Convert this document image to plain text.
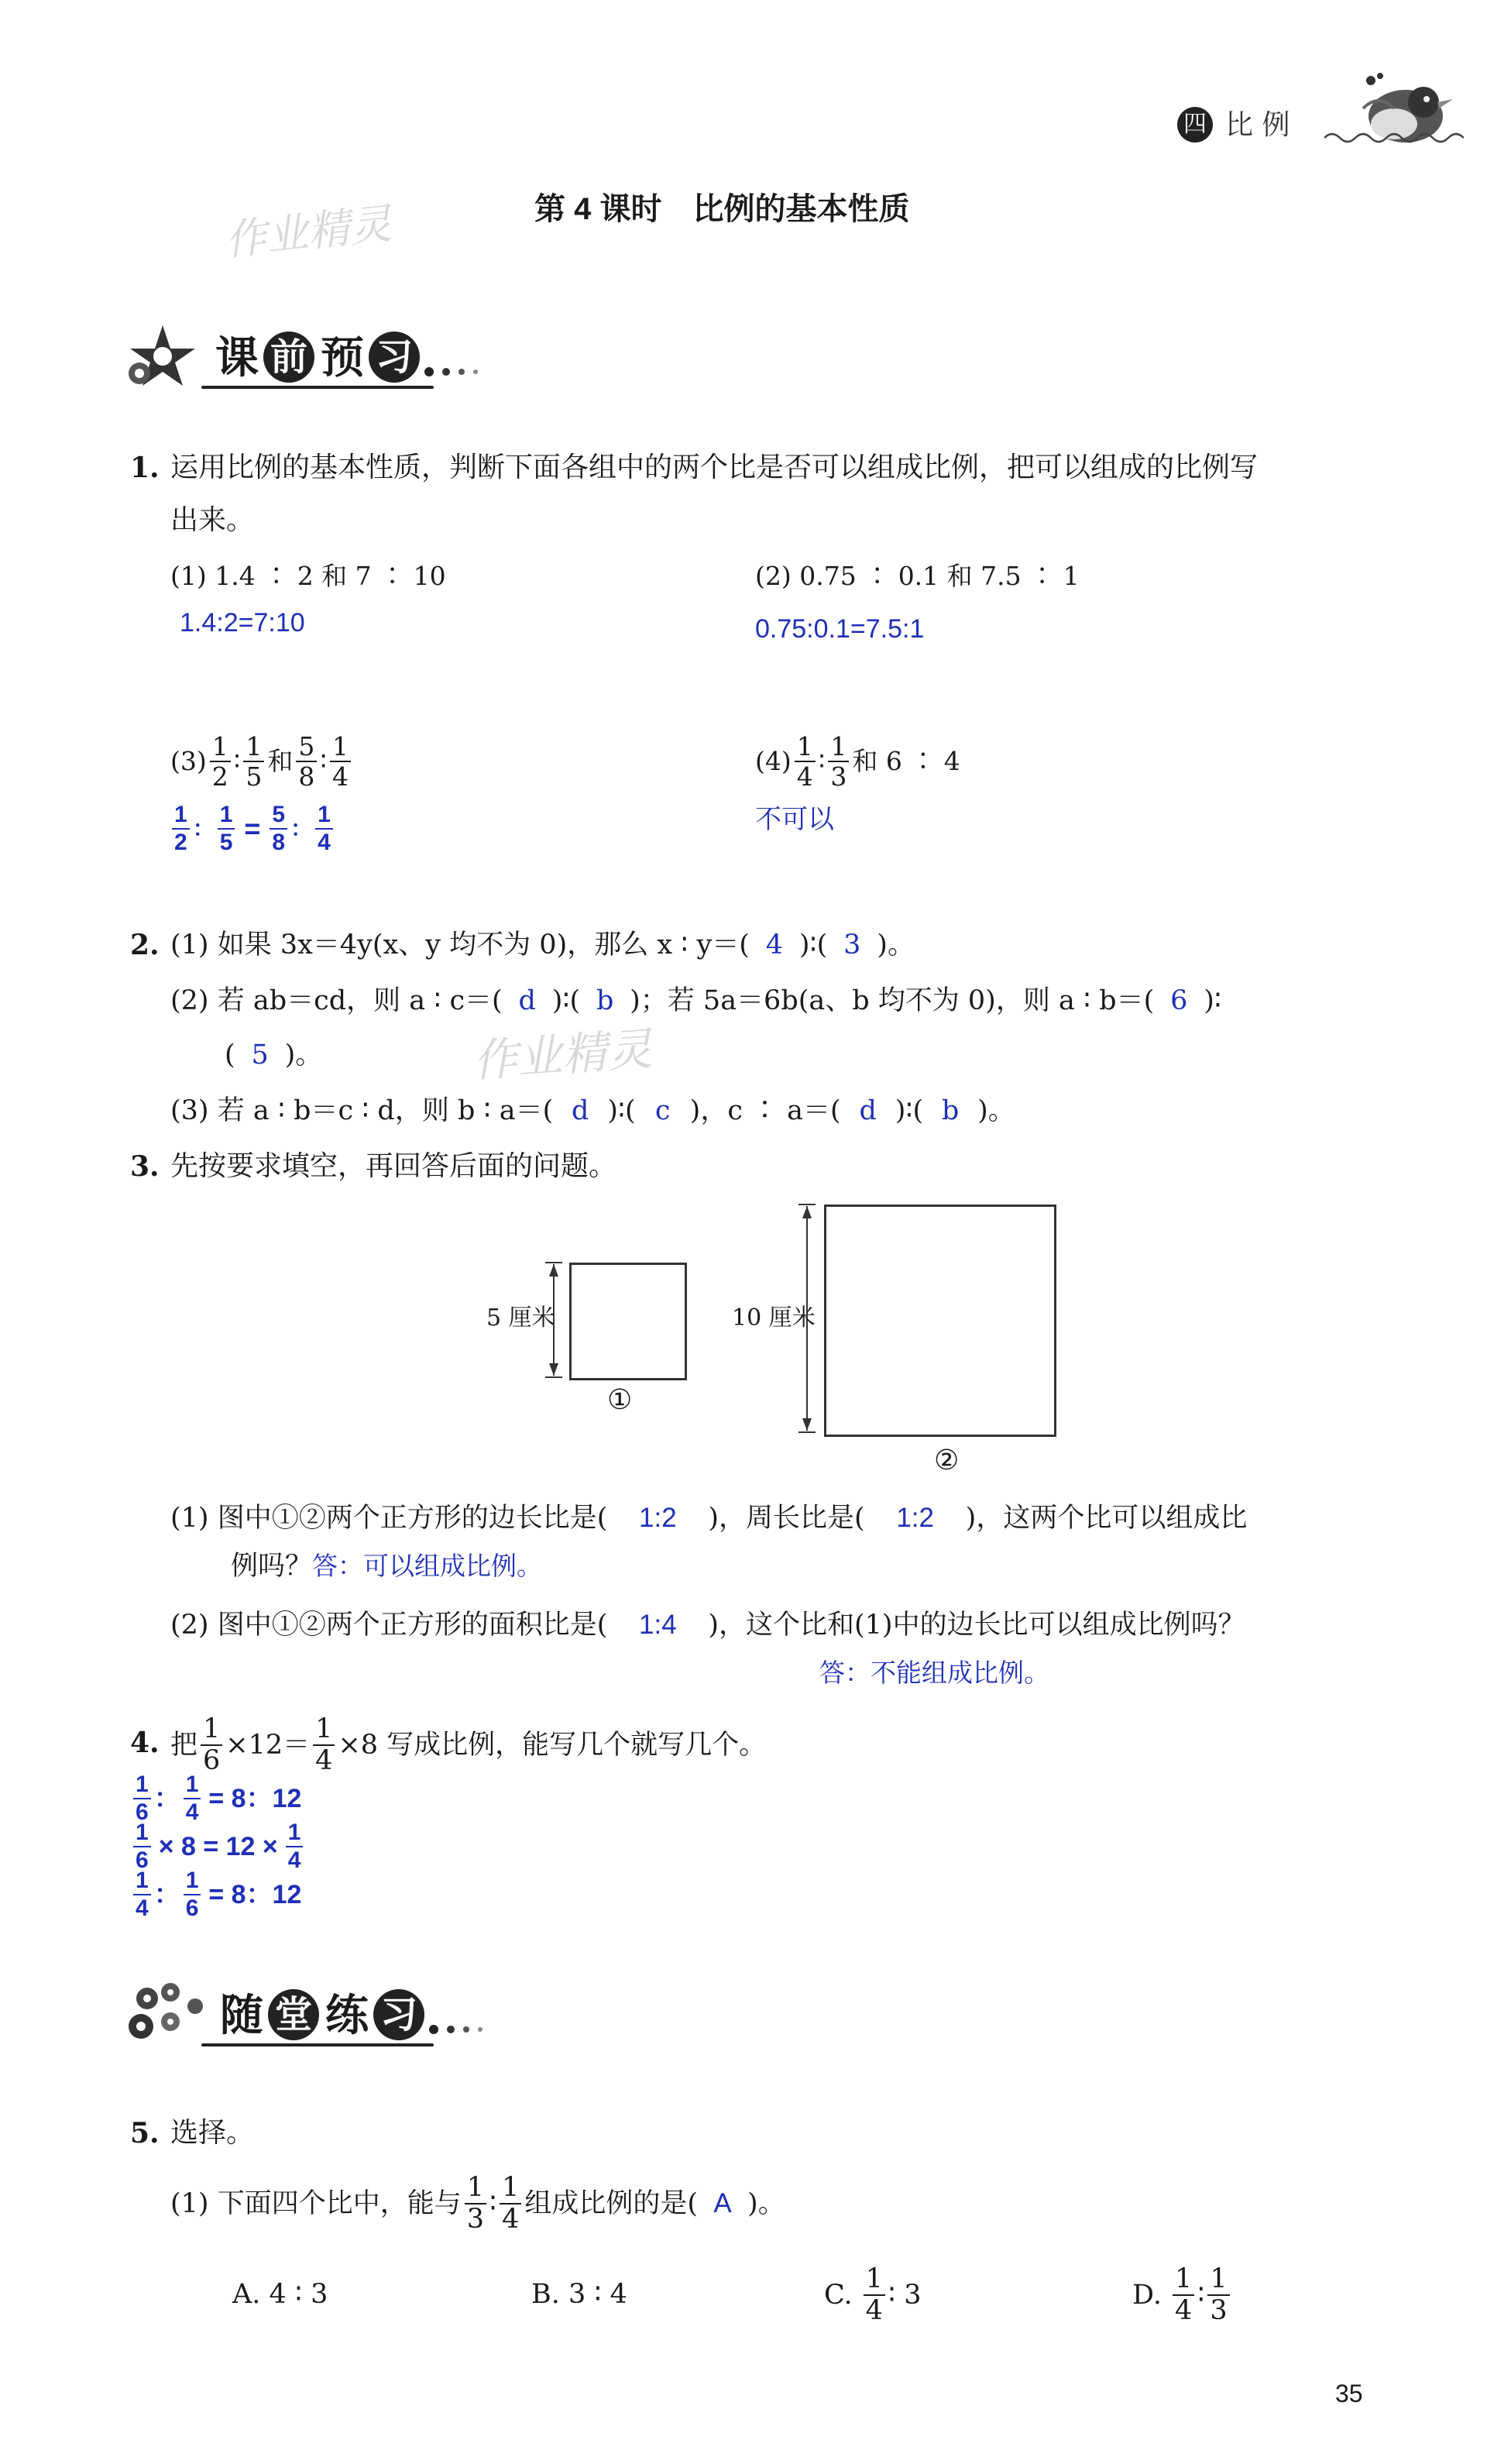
四 比 例
第 4 课时　比例的基本性质
作业精灵
课 前 预 习
1. 运用比例的基本性质，判断下面各组中的两个比是否可以组成比例，把可以组成的比例写
出来。
(1) 1.4 ∶ 2 和 7 ∶ 10
1.4:2=7:10
(2) 0.75 ∶ 0.1 和 7.5 ∶ 1
0.75:0.1=7.5:1
$(3) \frac{1}{2}$ ∶ $\frac{1}{5}$ 和 $\frac{5}{8}$ ∶ $\frac{1}{4}$
$\frac{1}{2}$ ： $\frac{1}{5} = \frac{5}{8}$ ： $\frac{1}{4}$
$(4) \frac{1}{4}$ ∶ $\frac{1}{3}$ 和 6 ∶ 4
不可以
2. (1) 如果 3x＝4y(x、y 均不为 0)，那么 x ∶ y＝( 4 )∶( 3 )。
(2) 若 ab＝cd，则 a ∶ c＝( d )∶( b )；若 5a＝6b(a、b 均不为 0)，则 a ∶ b＝( 6 )∶
( 5 )。	作业精灵
(3) 若 a ∶ b＝c ∶ d，则 b ∶ a＝( d )∶( c )，c ∶ a＝( d )∶( b )。
3. 先按要求填空，再回答后面的问题。
5 厘米
①
10 厘米
②
(1) 图中①②两个正方形的边长比是( 1:2 )，周长比是( 1:2 )，这两个比可以组成比
例吗？答：可以组成比例。
(2) 图中①②两个正方形的面积比是( 1:4 )，这个比和(1)中的边长比可以组成比例吗？
答：不能组成比例。
4. 把 $\frac{1}{6} \times 12= \frac{1}{4} \times 8$ 写成比例，能写几个就写几个。
$\frac{1}{6}$ ： $\frac{1}{4} = 8$：12
$\frac{1}{6} \times 8 = 12 \times \frac{1}{4}$
$\frac{1}{4}$ ： $\frac{1}{6} = 8$：12
随 堂 练 习
5. 选择。
(1) 下面四个比中，能与 $\frac{1}{3}$ ∶ $\frac{1}{4}$ 组成比例的是( A )。
A. 4 ∶ 3	B. 3 ∶ 4	C. $\frac{1}{4}$ ∶ 3	D. $\frac{1}{4}$ ∶ $\frac{1}{3}$
35
